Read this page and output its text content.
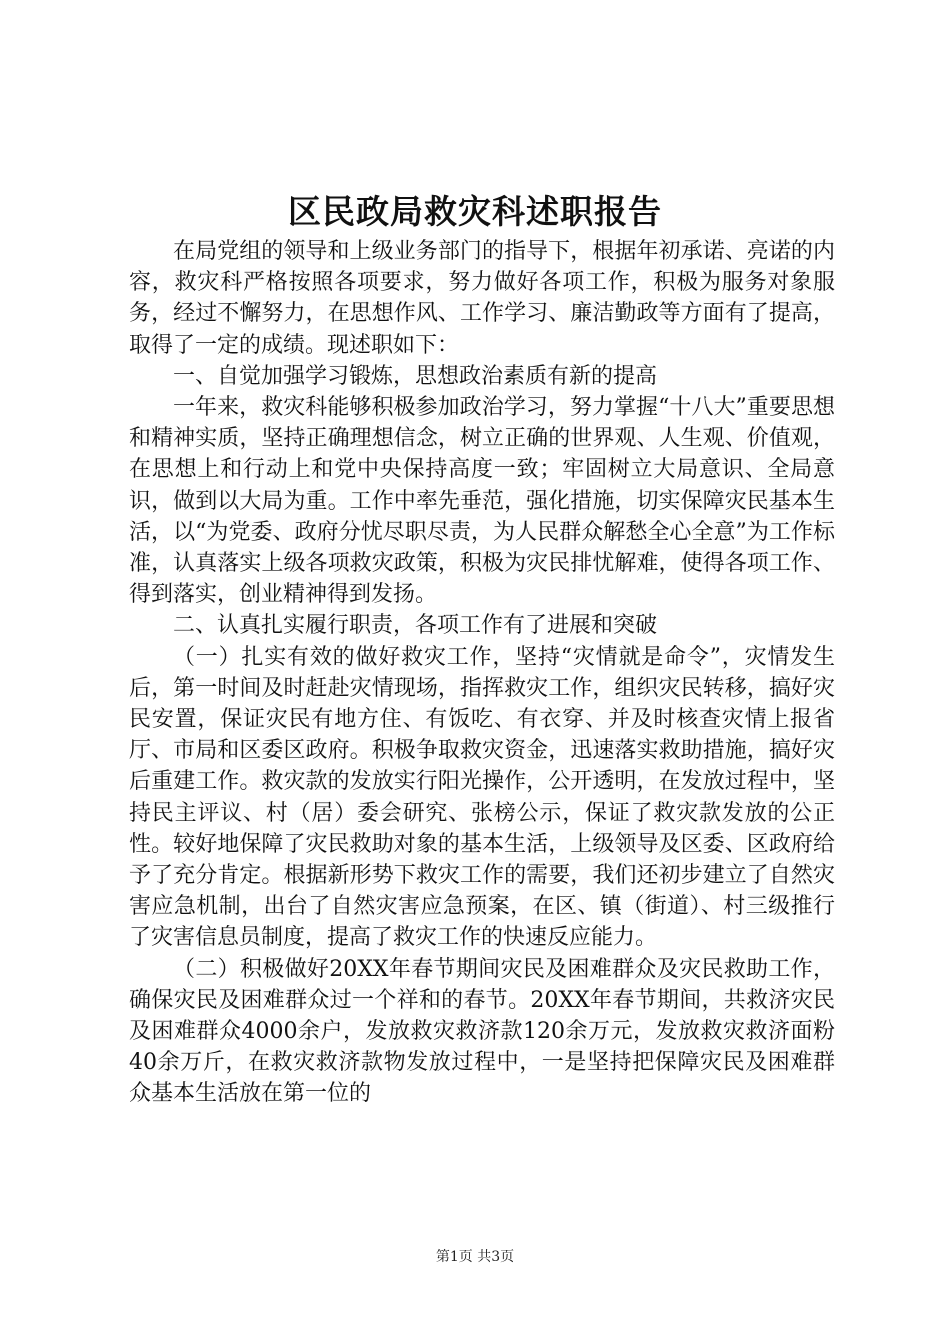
区民政局救灾科述职报告

在局党组的领导和上级业务部门的指导下，根据年初承诺、亮诺的内容，救灾科严格按照各项要求，努力做好各项工作，积极为服务对象服务，经过不懈努力，在思想作风、工作学习、廉洁勤政等方面有了提高，取得了一定的成绩。现述职如下：

一、自觉加强学习锻炼，思想政治素质有新的提高

一年来，救灾科能够积极参加政治学习，努力掌握“十八大”重要思想和精神实质，坚持正确理想信念，树立正确的世界观、人生观、价值观，在思想上和行动上和党中央保持高度一致；牢固树立大局意识、全局意识，做到以大局为重。工作中率先垂范，强化措施，切实保障灾民基本生活，以“为党委、政府分忧尽职尽责，为人民群众解愁全心全意”为工作标准，认真落实上级各项救灾政策，积极为灾民排忧解难，使得各项工作、得到落实，创业精神得到发扬。

二、认真扎实履行职责，各项工作有了进展和突破

（一）扎实有效的做好救灾工作，坚持“灾情就是命令”，灾情发生后，第一时间及时赶赴灾情现场，指挥救灾工作，组织灾民转移，搞好灾民安置，保证灾民有地方住、有饭吃、有衣穿、并及时核查灾情上报省厅、市局和区委区政府。积极争取救灾资金，迅速落实救助措施，搞好灾后重建工作。救灾款的发放实行阳光操作，公开透明，在发放过程中，坚持民主评议、村（居）委会研究、张榜公示，保证了救灾款发放的公正性。较好地保障了灾民救助对象的基本生活，上级领导及区委、区政府给予了充分肯定。根据新形势下救灾工作的需要，我们还初步建立了自然灾害应急机制，出台了自然灾害应急预案，在区、镇（街道）、村三级推行了灾害信息员制度，提高了救灾工作的快速反应能力。

（二）积极做好20XX年春节期间灾民及困难群众及灾民救助工作，确保灾民及困难群众过一个祥和的春节。20XX年春节期间，共救济灾民及困难群众4000余户，发放救灾救济款120余万元，发放救灾救济面粉40余万斤，在救灾救济款物发放过程中，一是坚持把保障灾民及困难群众基本生活放在第一位的

第1页 共3页
